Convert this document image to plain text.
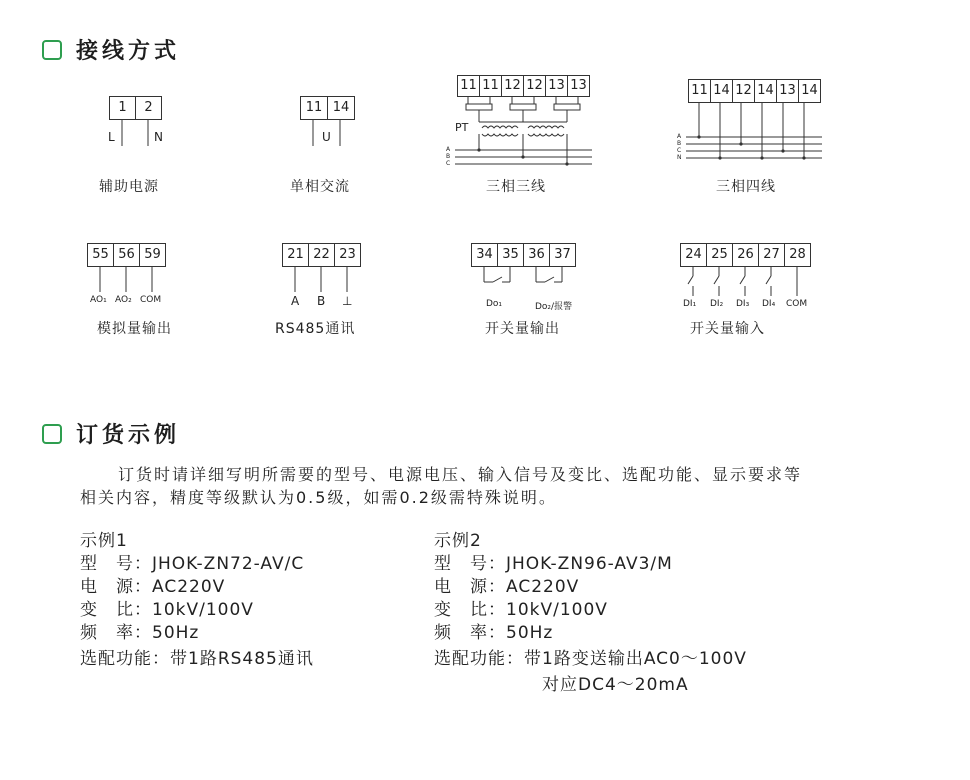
接线方式
1	2
L	N
辅助电源
11 14
U
单相交流
11 11 12 12 13 13
PT
A
B
C
三相三线
11 14 12 14 13 14
A
B
C
N
三相四线
55 56 59
AO₁ AO₂ COM
模拟量输出
21 22 23
A B ⊥
RS485通讯
34 35 36 37
Do₁	Do₂/报警
开关量输出
24 25 26 27 28
DI₁ DI₂ DI₃ DI₄ COM
开关量输入
订货示例
订货时请详细写明所需要的型号、电源电压、输入信号及变比、选配功能、显示要求等相关内容，精度等级默认为0.5级，如需0.2级需特殊说明。
示例1
型　号：JHOK-ZN72-AV/C
电　源：AC220V
变　比：10kV/100V
频　率：50Hz
选配功能：带1路RS485通讯
示例2
型　号：JHOK-ZN96-AV3/M
电　源：AC220V
变　比：10kV/100V
频　率：50Hz
选配功能：带1路变送输出AC0～100V
对应DC4～20mA
